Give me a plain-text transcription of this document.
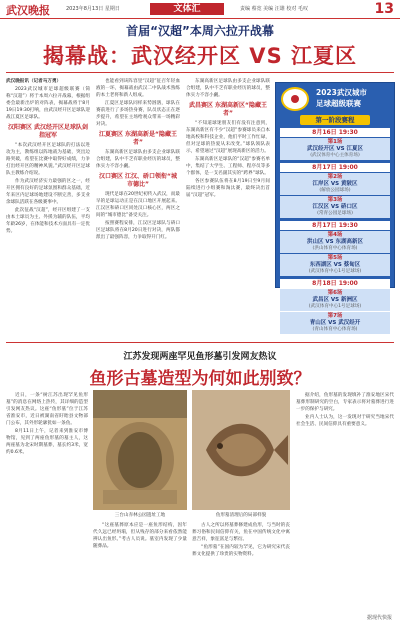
武汉晚报	2023年8月13日 星期日	文体汇	责编 蔡宽 美编 汪雄 校对 毛叹	13
首届“汉超”本周六拉开战幕
揭幕战：武汉经开区 VS 江夏区

武汉晚报讯（记者马万勇）

2023武汉城市足球超级联赛（简称“汉超”）将于本周六拉开战幕，根据组委会最新出炉的对阵表，揭幕战将于8月19日19:30打响，由武汉经开区足球队迎战江夏区足球队。

汉阳赛区 武汉经开区足球队剑指冠军

“本次武汉经开区足球队的打法以进攻为主，教练组以阵地战为基础，突出边路突破，希望在比赛中取得好成绩，力争打出经开区的精神风貌。”武汉经开区足球队主教练介绍说。

作为武汉经济实力最强的区之一，经开区拥有良好的足球氛围和群众基础，近年来区内足球场地建设不断完善，多支业余球队活跃在各级赛事中。

此次征战“汉超”，经开区组建了一支由本土球员为主、外援为辅的队伍，平均年龄26岁，在体能和技术方面具有一定优势。

也能看到该阵容里“汉超”征召年轻血液的一环，揭幕战由武汉二中队战术熟练的本土老将和新人组成。

江夏区足球队同样来势汹汹，球队在赛前进行了多场热身赛，队员状态正在逐步提升，希望在主场给观众带来一场精彩对决。

江夏赛区 东湖高新是“隐藏王者”

东湖高新区足球队由多支企业球队联合组建，队中不乏有职业经历的球员，整体实力不容小觑。

汉口赛区 江汉、硚口领衔“城市德比”

现代足球在20世纪初传入武汉，而最早的足球运动正是在汉口地区开展起来。江汉区和硚口区同处汉口核心区，两区之间的“城市德比”备受关注。

按照赛程安排，江汉区足球队与硚口区足球队将在8月20日进行对决，两队都派出了最强阵容，力争取得开门红。

东湖高新区足球队由多支企业球队联合组建，队中不乏有职业经历的球员，整体实力不容小觑。

武昌赛区 东湖高新区“隐藏王者”

“不知道球迷朋友们有没有注意到，东湖高新区有不少“汉超”参赛球员来自本地高校和科技企业，他们平时工作忙碌，但对足球的热爱从未改变。”球队领队表示，希望通过“汉超”展现高新区的活力。

东湖高新区足球队的“汉超”参赛名单中，集结了大学生、工程师、程序员等多个群体，是一支名副其实的“跨界”球队。

各区参赛队伍将在8月19日至9月间陆续进行小组赛和淘汰赛，最终决出首届“汉超”冠军。

2023武汉城市
足球超级联赛
第一阶段赛程
8月16日 19:30
第1场
武汉经开区 VS 江夏区
(武汉体育中心主体育场)
8月17日 19:00
第2场
江岸区 VS 黄陂区
(解放公园球场)
第3场
江汉区 VS 硚口区
(常青公园足球场)
8月17日 19:30
第4场
洪山区 VS 东湖高新区
(洪山体育中心体育场)
第5场
东西湖区 VS 蔡甸区
(武汉体育中心1号足球场)
8月18日 19:00
第6场
武昌区 VS 新洲区
(武汉体育中心1号足球场)
第7场
青山区 VS 武汉经开
(青山体育中心体育场)
江苏发现两座罕见鱼形墓引发网友热议
鱼形古墓造型为何如此别致？

近日，一条“树江苏出现罕见鱼形墓”的消息在网络上热传，其详细的造型引发网友热议。这座“鱼形墓”位于江苏省淮安市，近日被湖南省盱眙县文物部门公布，其外形轮廓犹如一条鱼。

8月11日上午，记者来到淮安市博物馆，见到了两座鱼形墓的墓主人，这两座墓为北宋时期墓葬，墓长约3米，宽约0.6米。

三台山赤林公园遗址工地	鱼形墓清理后的局部样貌

“这座墓葬原本应是一座鱼形结构，因年代久远已经坍塌，但从残存的部分来看依然能辨认出鱼形。”考古人员说。墓室内发现了少量随葬品。

古人之所以将墓葬修建成鱼形，与当时的丧葬习俗和民间信仰有关，鱼在中国传统文化中寓意吉祥，象征富足与繁衍。

“鱼形墓”在国内较为罕见，它为研究宋代丧葬文化提供了珍贵的实物资料。

据介绍，鱼形墓的发现填补了淮安地区宋代墓葬形制研究的空白，专家表示将对墓葬进行进一步的保护与研究。

业内人士认为，这一发现对于研究当地宋代社会生活、民间信仰具有重要意义。

据现代快报
